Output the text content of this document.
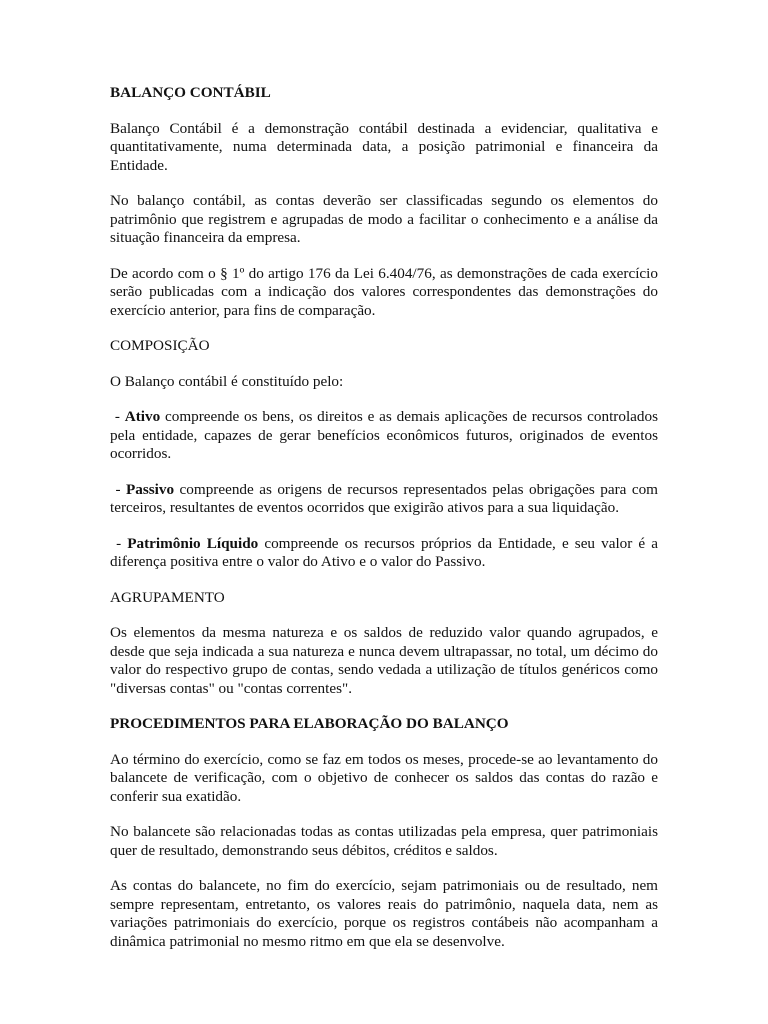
BALANÇO CONTÁBIL

Balanço Contábil é a demonstração contábil destinada a evidenciar, qualitativa e quantitativamente, numa determinada data, a posição patrimonial e financeira da Entidade.

No balanço contábil, as contas deverão ser classificadas segundo os elementos do patrimônio que registrem e agrupadas de modo a facilitar o conhecimento e a análise da situação financeira da empresa.

De acordo com o § 1º do artigo 176 da Lei 6.404/76, as demonstrações de cada exercício serão publicadas com a indicação dos valores correspondentes das demonstrações do exercício anterior, para fins de comparação.

COMPOSIÇÃO

O Balanço contábil é constituído pelo:

- Ativo compreende os bens, os direitos e as demais aplicações de recursos controlados pela entidade, capazes de gerar benefícios econômicos futuros, originados de eventos ocorridos.

- Passivo compreende as origens de recursos representados pelas obrigações para com terceiros, resultantes de eventos ocorridos que exigirão ativos para a sua liquidação.

- Patrimônio Líquido compreende os recursos próprios da Entidade, e seu valor é a diferença positiva entre o valor do Ativo e o valor do Passivo.

AGRUPAMENTO

Os elementos da mesma natureza e os saldos de reduzido valor quando agrupados, e desde que seja indicada a sua natureza e nunca devem ultrapassar, no total, um décimo do valor do respectivo grupo de contas, sendo vedada a utilização de títulos genéricos como "diversas contas" ou "contas correntes".

PROCEDIMENTOS PARA ELABORAÇÃO DO BALANÇO

Ao término do exercício, como se faz em todos os meses, procede-se ao levantamento do balancete de verificação, com o objetivo de conhecer os saldos das contas do razão e conferir sua exatidão.

No balancete são relacionadas todas as contas utilizadas pela empresa, quer patrimoniais quer de resultado, demonstrando seus débitos, créditos e saldos.

As contas do balancete, no fim do exercício, sejam patrimoniais ou de resultado, nem sempre representam, entretanto, os valores reais do patrimônio, naquela data, nem as variações patrimoniais do exercício, porque os registros contábeis não acompanham a dinâmica patrimonial no mesmo ritmo em que ela se desenvolve.
